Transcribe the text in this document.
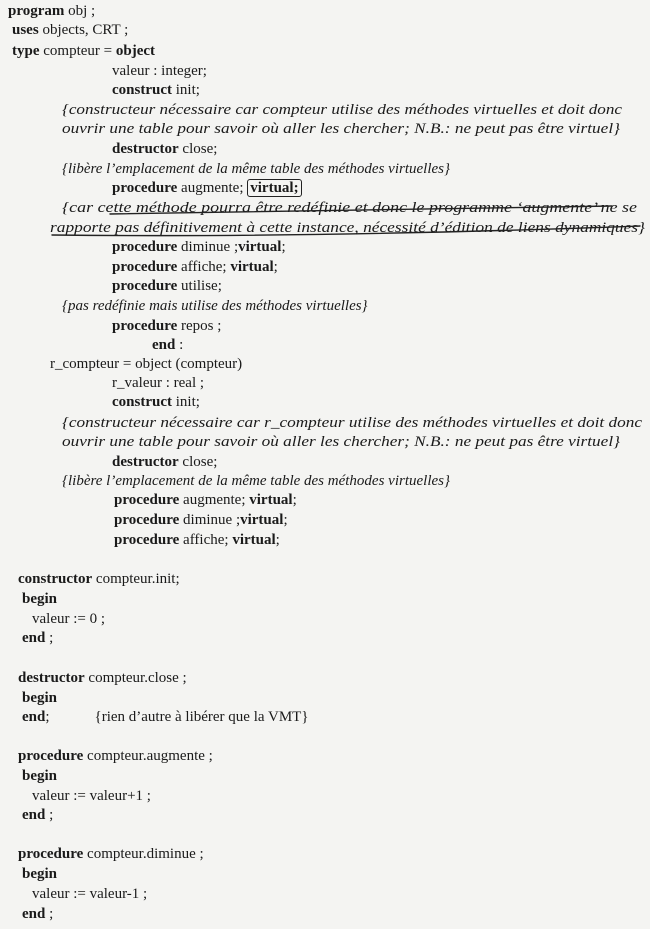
program obj ;
uses objects, CRT ;
type compteur = object
valeur : integer;
construct init;
{constructeur nécessaire car compteur utilise des méthodes virtuelles et doit donc
ouvrir une table pour savoir où aller les chercher; N.B.: ne peut pas être virtuel}
destructor close;
{libère l’emplacement de la même table des méthodes virtuelles}
procedure augmente; virtual;
{car cette méthode pourra être redéfinie et donc le programme ‘augmente’ ne se
rapporte pas définitivement à cette instance, nécessité d’édition de liens dynamiques}
procedure diminue ;virtual;
procedure affiche; virtual;
procedure utilise;
{pas redéfinie mais utilise des méthodes virtuelles}
procedure repos ;
end :
r_compteur = object (compteur)
r_valeur : real ;
construct init;
{constructeur nécessaire car r_compteur utilise des méthodes virtuelles et doit donc
ouvrir une table pour savoir où aller les chercher; N.B.: ne peut pas être virtuel}
destructor close;
{libère l’emplacement de la même table des méthodes virtuelles}
procedure augmente; virtual;
procedure diminue ;virtual;
procedure affiche; virtual;
constructor compteur.init;
begin
valeur := 0 ;
end ;
destructor compteur.close ;
begin
end;            {rien d’autre à libérer que la VMT}
procedure compteur.augmente ;
begin
valeur := valeur+1 ;
end ;
procedure compteur.diminue ;
begin
valeur := valeur-1 ;
end ;
